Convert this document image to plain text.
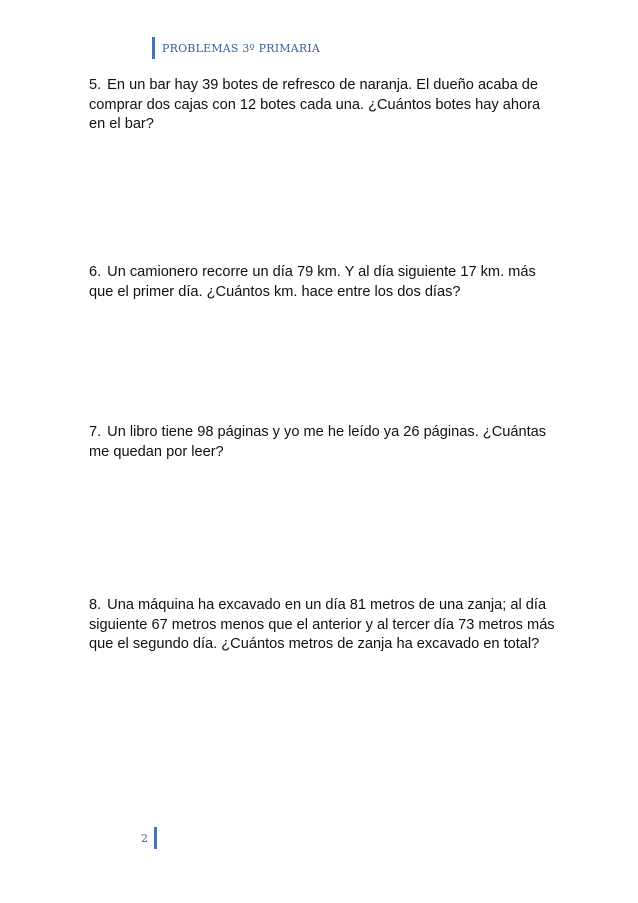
PROBLEMAS 3º PRIMARIA
5. En un bar hay 39 botes de refresco de naranja. El dueño acaba de comprar dos cajas con 12 botes cada una. ¿Cuántos botes hay ahora en el bar?
6. Un camionero recorre un día 79 km. Y al día siguiente 17 km. más que el primer día. ¿Cuántos km. hace entre los dos días?
7. Un libro tiene 98 páginas y yo me he leído ya 26 páginas. ¿Cuántas me quedan por leer?
8. Una máquina ha excavado en un día 81 metros de una zanja; al día siguiente 67 metros menos que el anterior y al tercer día 73 metros más que el segundo día. ¿Cuántos metros de zanja ha excavado en total?
2
